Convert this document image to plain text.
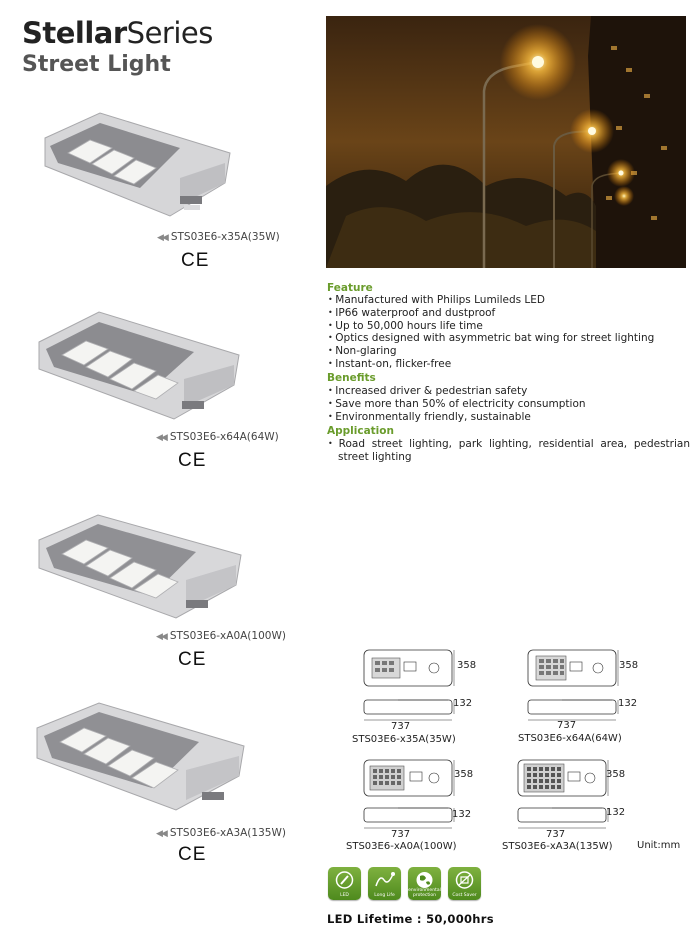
StellarSeries
Street Light
◀◀ STS03E6-x35A(35W)
CE
◀◀ STS03E6-x64A(64W)
CE
◀◀ STS03E6-xA0A(100W)
CE
◀◀ STS03E6-xA3A(135W)
CE
Feature
• Manufactured with Philips Lumileds LED
• IP66 waterproof and dustproof
• Up to 50,000 hours life time
• Optics designed with asymmetric bat wing for street lighting
• Non-glaring
• Instant-on, flicker-free
Benefits
• Increased driver & pedestrian safety
• Save more than 50% of electricity consumption
• Environmentally friendly, sustainable
Application
• Road street lighting, park lighting, residential area, pedestrian street lighting
358
132
737
STS03E6-x35A(35W)
358
132
737
STS03E6-x64A(64W)
358
132
737
STS03E6-xA0A(100W)
358
132
737
STS03E6-xA3A(135W) Unit:mm
LED	Long Life
environmental protection	Cost Saver
LED Lifetime : 50,000hrs
